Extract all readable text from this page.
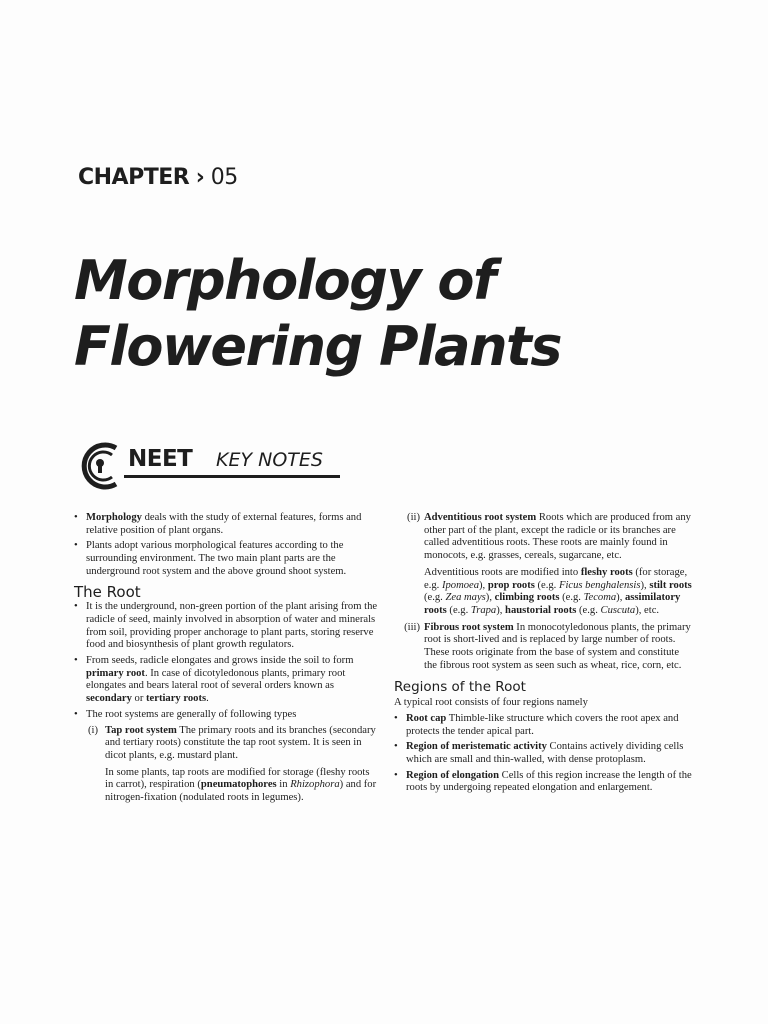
CHAPTER › 05
Morphology of
Flowering Plants
NEET KEY NOTES
• Morphology deals with the study of external features, forms and relative position of plant organs.
• Plants adopt various morphological features according to the surrounding environment. The two main plant parts are the underground root system and the above ground shoot system.
The Root
• It is the underground, non-green portion of the plant arising from the radicle of seed, mainly involved in absorption of water and minerals from soil, providing proper anchorage to plant parts, storing reserve food and biosynthesis of plant growth regulators.
• From seeds, radicle elongates and grows inside the soil to form primary root. In case of dicotyledonous plants, primary root elongates and bears lateral root of several orders known as secondary or tertiary roots.
• The root systems are generally of following types
(i) Tap root system The primary roots and its branches (secondary and tertiary roots) constitute the tap root system. It is seen in dicot plants, e.g. mustard plant.

In some plants, tap roots are modified for storage (fleshy roots in carrot), respiration (pneumatophores in Rhizophora) and for nitrogen-fixation (nodulated roots in legumes).

(ii) Adventitious root system Roots which are produced from any other part of the plant, except the radicle or its branches are called adventitious roots. These roots are mainly found in monocots, e.g. grasses, cereals, sugarcane, etc.

Adventitious roots are modified into fleshy roots (for storage, e.g. Ipomoea), prop roots (e.g. Ficus benghalensis), stilt roots (e.g. Zea mays), climbing roots (e.g. Tecoma), assimilatory roots (e.g. Trapa), haustorial roots (e.g. Cuscuta), etc.

(iii) Fibrous root system In monocotyledonous plants, the primary root is short-lived and is replaced by large number of roots. These roots originate from the base of system and constitute the fibrous root system as seen such as wheat, rice, corn, etc.

Regions of the Root
A typical root consists of four regions namely
• Root cap Thimble-like structure which covers the root apex and protects the tender apical part.
• Region of meristematic activity Contains actively dividing cells which are small and thin-walled, with dense protoplasm.
• Region of elongation Cells of this region increase the length of the roots by undergoing repeated elongation and enlargement.
